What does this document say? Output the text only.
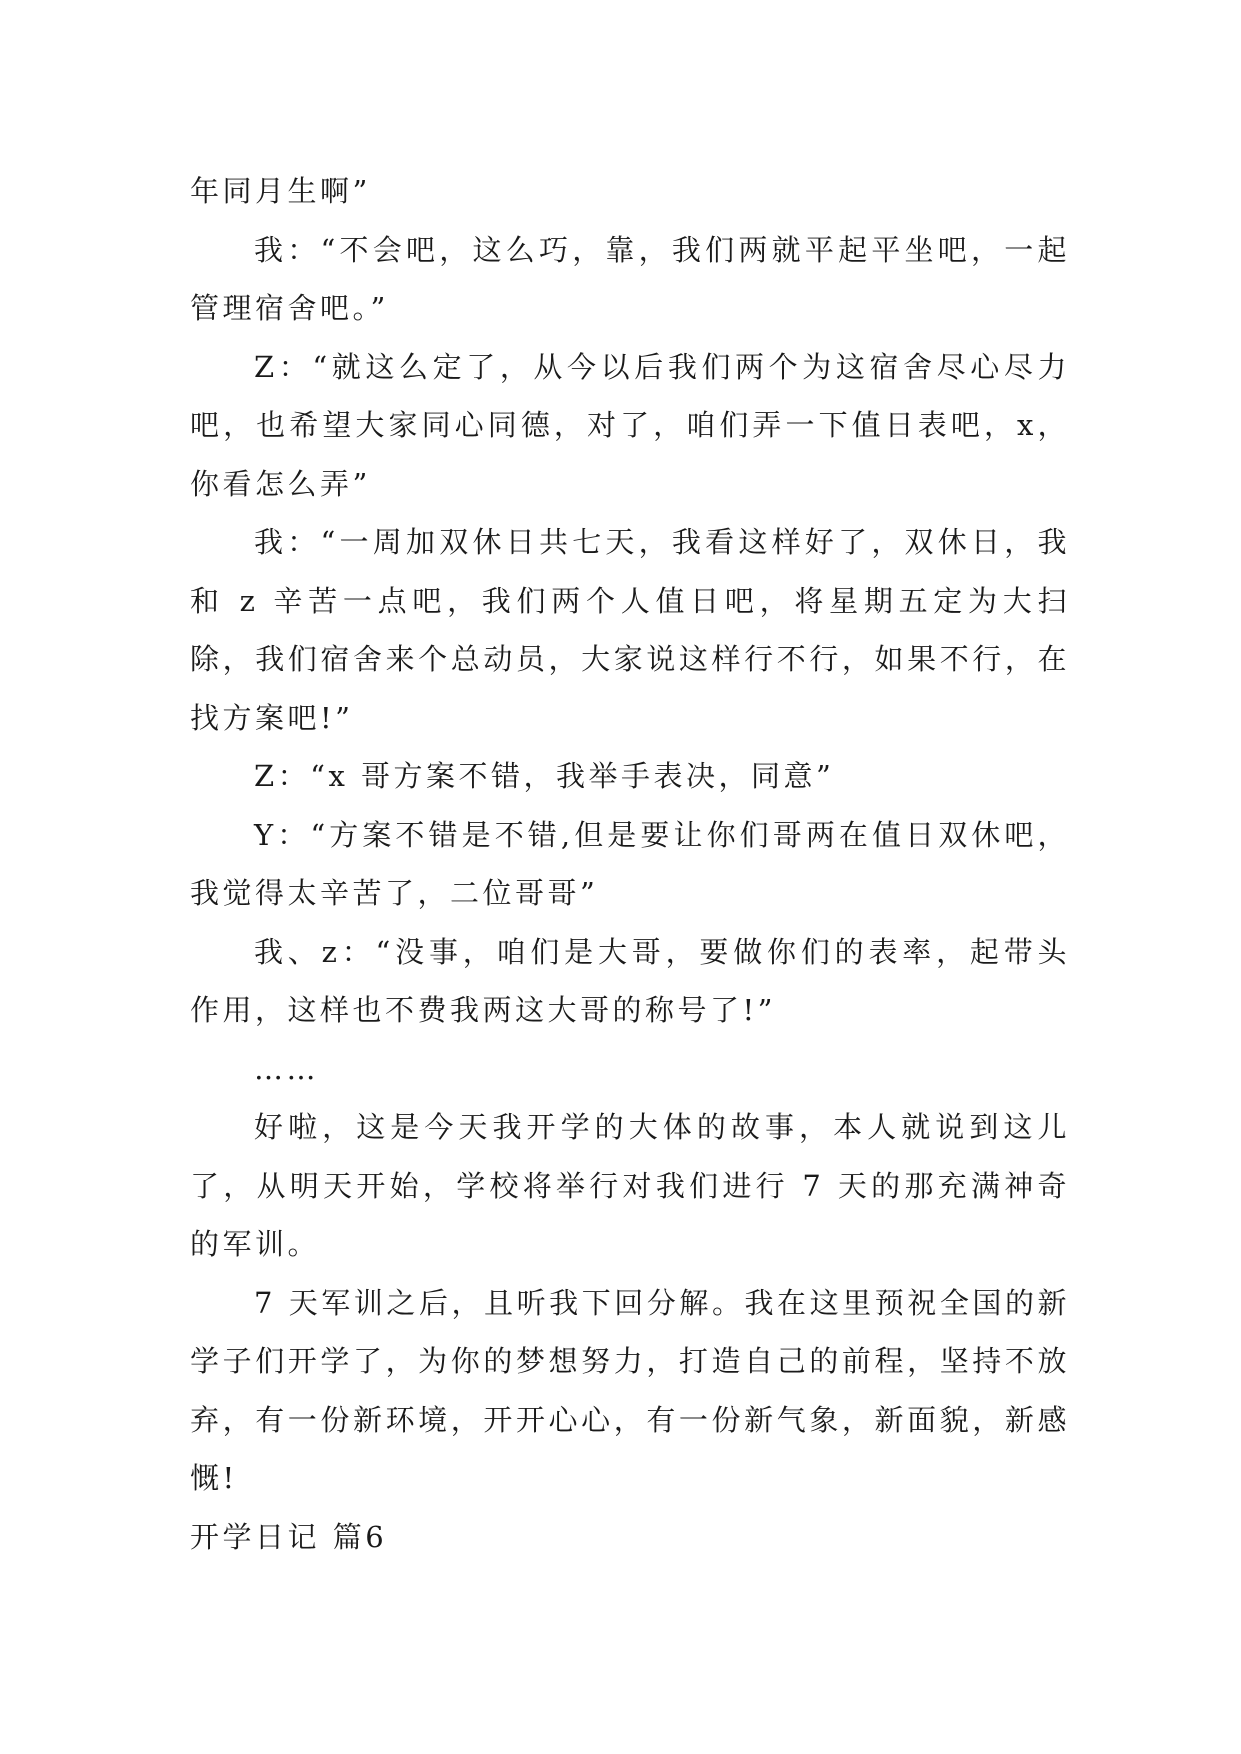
年同月生啊”

我：“不会吧，这么巧，靠，我们两就平起平坐吧，一起管理宿舍吧。”

Z：“就这么定了，从今以后我们两个为这宿舍尽心尽力吧，也希望大家同心同德，对了，咱们弄一下值日表吧，x，你看怎么弄”

我：“一周加双休日共七天，我看这样好了，双休日，我和 z 辛苦一点吧，我们两个人值日吧，将星期五定为大扫除，我们宿舍来个总动员，大家说这样行不行，如果不行，在找方案吧!”

Z：“x 哥方案不错，我举手表决，同意”

Y：“方案不错是不错,但是要让你们哥两在值日双休吧，我觉得太辛苦了，二位哥哥”

我、z：“没事，咱们是大哥，要做你们的表率，起带头作用，这样也不费我两这大哥的称号了!”

……

好啦，这是今天我开学的大体的故事，本人就说到这儿了，从明天开始，学校将举行对我们进行 7 天的那充满神奇的军训。

7 天军训之后，且听我下回分解。我在这里预祝全国的新学子们开学了，为你的梦想努力，打造自己的前程，坚持不放弃，有一份新环境，开开心心，有一份新气象，新面貌，新感慨!

开学日记 篇6
